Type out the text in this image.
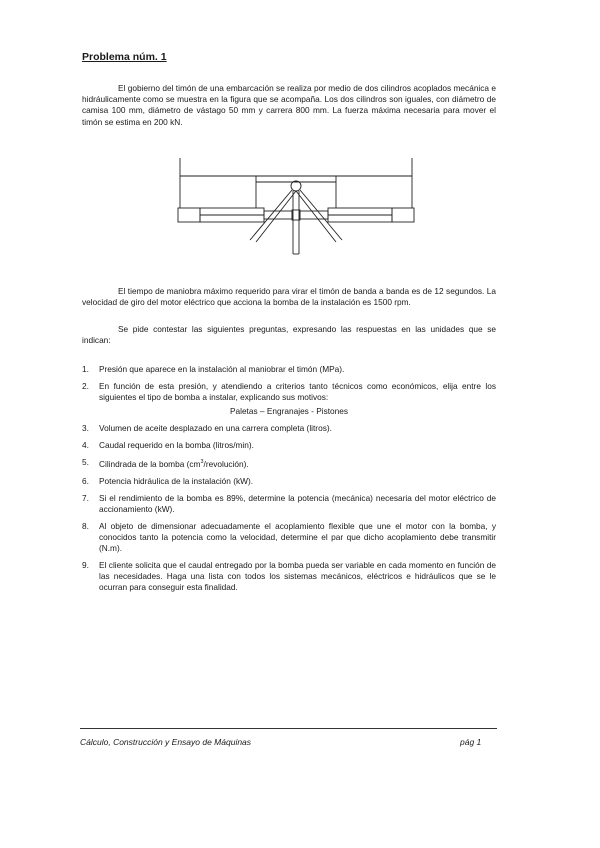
Problema núm. 1

El gobierno del timón de una embarcación se realiza por medio de dos cilindros acoplados mecánica e hidráulicamente como se muestra en la figura que se acompaña. Los dos cilindros son iguales, con diámetro de camisa 100 mm, diámetro de vástago 50 mm y carrera 800 mm. La fuerza máxima necesaria para mover el timón se estima en 200 kN.

El tiempo de maniobra máximo requerido para virar el timón de banda a banda es de 12 segundos. La velocidad de giro del motor eléctrico que acciona la bomba de la instalación es 1500 rpm.

Se pide contestar las siguientes preguntas, expresando las respuestas en las unidades que se indican:

1. Presión que aparece en la instalación al maniobrar el timón (MPa).
2. En función de esta presión, y atendiendo a criterios tanto técnicos como económicos, elija entre los siguientes el tipo de bomba a instalar, explicando sus motivos:
Paletas – Engranajes - Pistones
3. Volumen de aceite desplazado en una carrera completa (litros).
4. Caudal requerido en la bomba (litros/min).
5. Cilindrada de la bomba $(cm^3/revolución)$.
6. Potencia hidráulica de la instalación (kW).
7. Si el rendimiento de la bomba es 89%, determine la potencia (mecánica) necesaria del motor eléctrico de accionamiento (kW).
8. Al objeto de dimensionar adecuadamente el acoplamiento flexible que une el motor con la bomba, y conocidos tanto la potencia como la velocidad, determine el par que dicho acoplamiento debe transmitir (N.m).
9. El cliente solicita que el caudal entregado por la bomba pueda ser variable en cada momento en función de las necesidades. Haga una lista con todos los sistemas mecánicos, eléctricos e hidráulicos que se le ocurran para conseguir esta finalidad.
Cálculo, Construcción y Ensayo de Máquinas	pág 1
